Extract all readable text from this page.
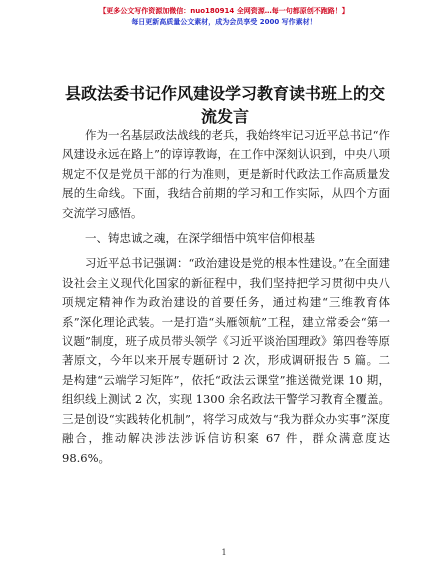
【更多公文写作资源加微信：nuo180914 全网资源…每一句都原创不跑路！】
每日更新高质量公文素材，成为会员享受 2000 写作素材！
县政法委书记作风建设学习教育读书班上的交流发言

作为一名基层政法战线的老兵，我始终牢记习近平总书记“作风建设永远在路上”的谆谆教诲，在工作中深刻认识到，中央八项规定不仅是党员干部的行为准则，更是新时代政法工作高质量发展的生命线。下面，我结合前期的学习和工作实际，从四个方面交流学习感悟。

一、铸忠诚之魂，在深学细悟中筑牢信仰根基

习近平总书记强调：“政治建设是党的根本性建设。”在全面建设社会主义现代化国家的新征程中，我们坚持把学习贯彻中央八项规定精神作为政治建设的首要任务，通过构建“三维教育体系”深化理论武装。一是打造“头雁领航”工程，建立常委会“第一议题”制度，班子成员带头领学《习近平谈治国理政》第四卷等原著原文，今年以来开展专题研讨 2 次，形成调研报告 5 篇。二是构建“云端学习矩阵”，依托“政法云课堂”推送微党课 10 期，组织线上测试 2 次，实现 1300 余名政法干警学习教育全覆盖。三是创设“实践转化机制”，将学习成效与“我为群众办实事”深度融合，推动解决涉法涉诉信访积案 67 件，群众满意度达 98.6%。

1
